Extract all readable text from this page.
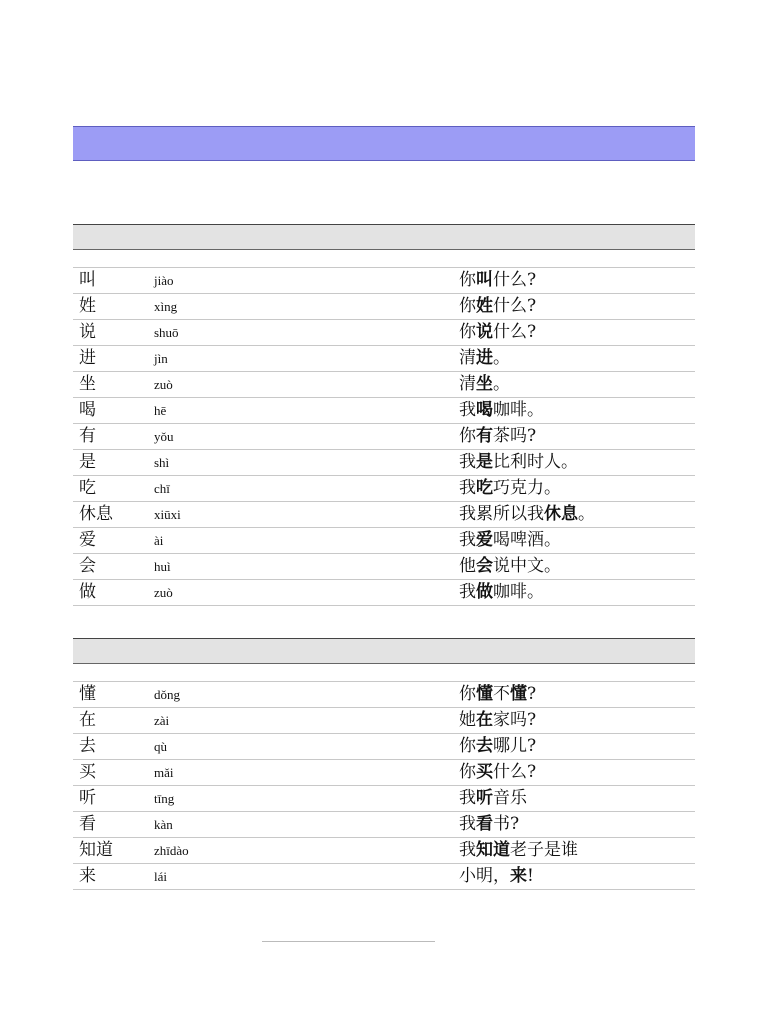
叫	jiào	你叫什么?
姓	xìng	你姓什么?
说	shuō	你说什么?
进	jìn	清进。
坐	zuò	清坐。
喝	hē	我喝咖啡。
有	yǒu	你有茶吗?
是	shì	我是比利时人。
吃	chī	我吃巧克力。
休息	xiūxi	我累所以我休息。
爱	ài	我爱喝啤酒。
会	huì	他会说中文。
做	zuò	我做咖啡。
懂	dǒng	你懂不懂?
在	zài	她在家吗?
去	qù	你去哪儿?
买	mǎi	你买什么?
听	tīng	我听音乐
看	kàn	我看书?
知道	zhīdào	我知道老子是谁
来	lái	小明，来!
